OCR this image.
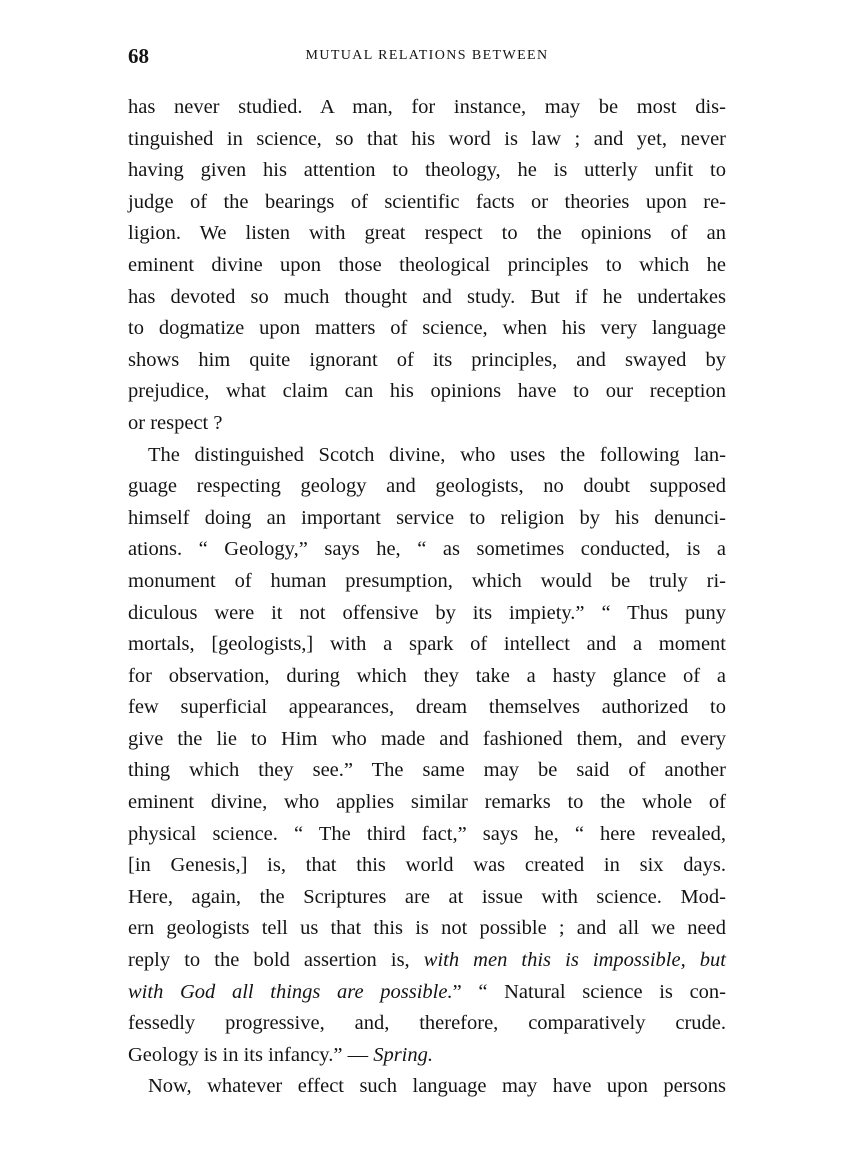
68	MUTUAL RELATIONS BETWEEN
has never studied. A man, for instance, may be most dis-
tinguished in science, so that his word is law ; and yet, never
having given his attention to theology, he is utterly unfit to
judge of the bearings of scientific facts or theories upon re-
ligion. We listen with great respect to the opinions of an
eminent divine upon those theological principles to which he
has devoted so much thought and study. But if he undertakes
to dogmatize upon matters of science, when his very language
shows him quite ignorant of its principles, and swayed by
prejudice, what claim can his opinions have to our reception
or respect ?
The distinguished Scotch divine, who uses the following lan-
guage respecting geology and geologists, no doubt supposed
himself doing an important service to religion by his denunci-
ations. “ Geology,” says he, “ as sometimes conducted, is a
monument of human presumption, which would be truly ri-
diculous were it not offensive by its impiety.” “ Thus puny
mortals, [geologists,] with a spark of intellect and a moment
for observation, during which they take a hasty glance of a
few superficial appearances, dream themselves authorized to
give the lie to Him who made and fashioned them, and every
thing which they see.” The same may be said of another
eminent divine, who applies similar remarks to the whole of
physical science. “ The third fact,” says he, “ here revealed,
[in Genesis,] is, that this world was created in six days.
Here, again, the Scriptures are at issue with science. Mod-
ern geologists tell us that this is not possible ; and all we need
reply to the bold assertion is, with men this is impossible, but
with God all things are possible.” “ Natural science is con-
fessedly progressive, and, therefore, comparatively crude.
Geology is in its infancy.” — Spring.
Now, whatever effect such language may have upon persons
